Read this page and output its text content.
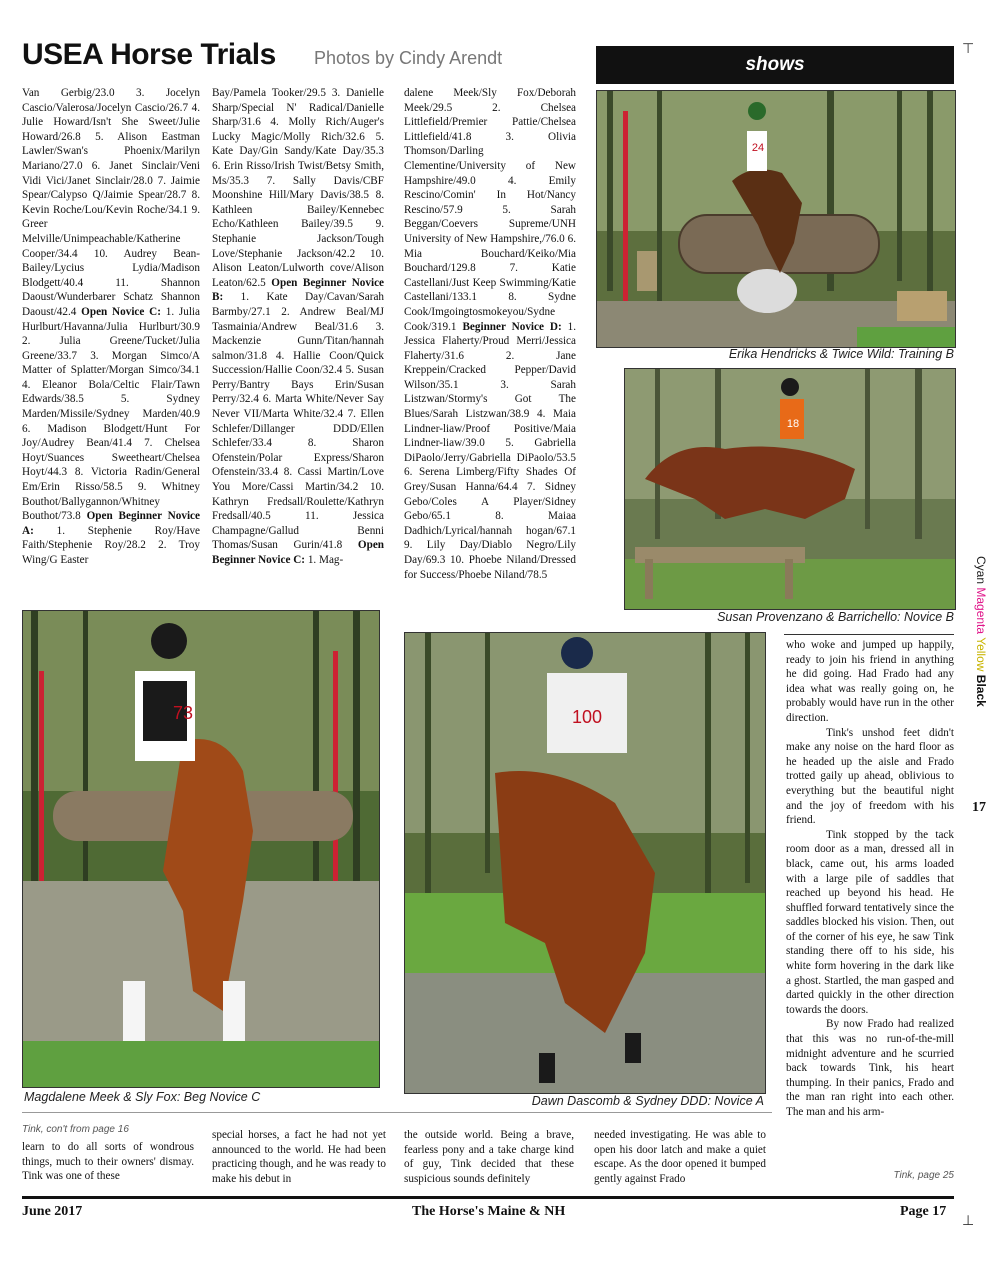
USEA Horse Trials Photos by Cindy Arendt	shows
⊤
⊥
Van Gerbig/23.0 3. Jocelyn Cascio/Valerosa/Jocelyn Cascio/26.7 4. Julie Howard/Isn't She Sweet/Julie Howard/26.8 5. Alison Eastman Lawler/Swan's Phoenix/Marilyn Mariano/27.0 6. Janet Sinclair/Veni Vidi Vici/Janet Sinclair/28.0 7. Jaimie Spear/Calypso Q/Jaimie Spear/28.7 8. Kevin Roche/Lou/Kevin Roche/34.1 9. Greer Melville/Unimpeachable/Katherine Cooper/34.4 10. Audrey Bean-Bailey/Lycius Lydia/Madison Blodgett/40.4 11. Shannon Daoust/Wunderbarer Schatz Shannon Daoust/42.4 Open Novice C: 1. Julia Hurlburt/Havanna/Julia Hurlburt/30.9 2. Julia Greene/Tucket/Julia Greene/33.7 3. Morgan Simco/A Matter of Splatter/Morgan Simco/34.1 4. Eleanor Bola/Celtic Flair/Tawn Edwards/38.5 5. Sydney Marden/Missile/Sydney Marden/40.9 6. Madison Blodgett/Hunt For Joy/Audrey Bean/41.4 7. Chelsea Hoyt/Suances Sweetheart/Chelsea Hoyt/44.3 8. Victoria Radin/General Em/Erin Risso/58.5 9. Whitney Bouthot/Ballygannon/Whitney Bouthot/73.8 Open Beginner Novice A: 1. Stephenie Roy/Have Faith/Stephenie Roy/28.2 2. Troy Wing/G Easter
Bay/Pamela Tooker/29.5 3. Danielle Sharp/Special N' Radical/Danielle Sharp/31.6 4. Molly Rich/Auger's Lucky Magic/Molly Rich/32.6 5. Kate Day/Gin Sandy/Kate Day/35.3 6. Erin Risso/Irish Twist/Betsy Smith, Ms/35.3 7. Sally Davis/CBF Moonshine Hill/Mary Davis/38.5 8. Kathleen Bailey/Kennebec Echo/Kathleen Bailey/39.5 9. Stephanie Jackson/Tough Love/Stephanie Jackson/42.2 10. Alison Leaton/Lulworth cove/Alison Leaton/62.5 Open Beginner Novice B: 1. Kate Day/Cavan/Sarah Barmby/27.1 2. Andrew Beal/MJ Tasmainia/Andrew Beal/31.6 3. Mackenzie Gunn/Titan/hannah salmon/31.8 4. Hallie Coon/Quick Succession/Hallie Coon/32.4 5. Susan Perry/Bantry Bays Erin/Susan Perry/32.4 6. Marta White/Never Say Never VII/Marta White/32.4 7. Ellen Schlefer/Dillanger DDD/Ellen Schlefer/33.4 8. Sharon Ofenstein/Polar Express/Sharon Ofenstein/33.4 8. Cassi Martin/Love You More/Cassi Martin/34.2 10. Kathryn Fredsall/Roulette/Kathryn Fredsall/40.5 11. Jessica Champagne/Gallud Benni Thomas/Susan Gurin/41.8 Open Beginner Novice C: 1. Mag-
dalene Meek/Sly Fox/Deborah Meek/29.5 2. Chelsea Littlefield/Premier Pattie/Chelsea Littlefield/41.8 3. Olivia Thomson/Darling Clementine/University of New Hampshire/49.0 4. Emily Rescino/Comin' In Hot/Nancy Rescino/57.9 5. Sarah Beggan/Coevers Supreme/UNH University of New Hampshire,/76.0 6. Mia Bouchard/Keiko/Mia Bouchard/129.8 7. Katie Castellani/Just Keep Swimming/Katie Castellani/133.1 8. Sydne Cook/Imgoingtosmokeyou/Sydne Cook/319.1 Beginner Novice D: 1. Jessica Flaherty/Proud Merri/Jessica Flaherty/31.6 2. Jane Kreppein/Cracked Pepper/David Wilson/35.1 3. Sarah Listzwan/Stormy's Got The Blues/Sarah Listzwan/38.9 4. Maia Lindner-liaw/Proof Positive/Maia Lindner-liaw/39.0 5. Gabriella DiPaolo/Jerry/Gabriella DiPaolo/53.5 6. Serena Limberg/Fifty Shades Of Grey/Susan Hanna/64.4 7. Sidney Gebo/Coles A Player/Sidney Gebo/65.1 8. Maiaa Dadhich/Lyrical/hannah hogan/67.1 9. Lily Day/Diablo Negro/Lily Day/69.3 10. Phoebe Niland/Dressed for Success/Phoebe Niland/78.5
24
Erika Hendricks & Twice Wild: Training B
18
Susan Provenzano & Barrichello: Novice B
73
Magdalene Meek & Sly Fox: Beg Novice C
100
Dawn Dascomb & Sydney DDD: Novice A
who woke and jumped up happily, ready to join his friend in anything he did going. Had Frado had any idea what was really going on, he probably would have run in the other direction.
Tink's unshod feet didn't make any noise on the hard floor as he headed up the aisle and Frado trotted gaily up ahead, oblivious to everything but the beautiful night and the joy of freedom with his friend.
Tink stopped by the tack room door as a man, dressed all in black, came out, his arms loaded with a large pile of saddles that reached up beyond his head. He shuffled forward tentatively since the saddles blocked his vision. Then, out of the corner of his eye, he saw Tink standing there off to his side, his white form hovering in the dark like a ghost. Startled, the man gasped and darted quickly in the other direction towards the doors.
By now Frado had realized that this was no run-of-the-mill midnight adventure and he scurried back towards Tink, his heart thumping. In their panics, Frado and the man ran right into each other. The man and his arm-
Tink, page 25
Tink, con't from page 16
learn to do all sorts of wondrous things, much to their owners' dismay. Tink was one of these
special horses, a fact he had not yet announced to the world. He had been practicing though, and he was ready to make his debut in
the outside world. Being a brave, fearless pony and a take charge kind of guy, Tink decided that these suspicious sounds definitely
needed investigating. He was able to open his door latch and make a quiet escape. As the door opened it bumped gently against Frado
June 2017	The Horse's Maine & NH	Page 17
17
Cyan Magenta Yellow Black
